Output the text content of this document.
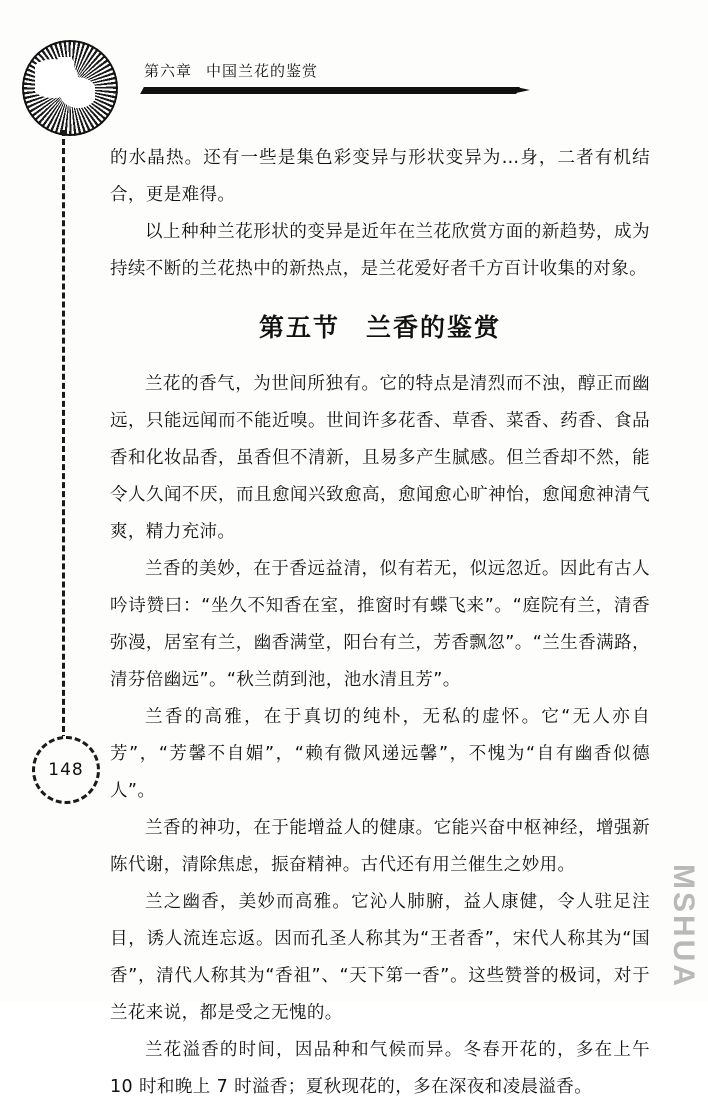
第六章 中国兰花的鉴赏
148

的水晶热。还有一些是集色彩变异与形状变异为…身，二者有机结合，更是难得。

以上种种兰花形状的变异是近年在兰花欣赏方面的新趋势，成为持续不断的兰花热中的新热点，是兰花爱好者千方百计收集的对象。

第五节 兰香的鉴赏

兰花的香气，为世间所独有。它的特点是清烈而不浊，醇正而幽远，只能远闻而不能近嗅。世间许多花香、草香、菜香、药香、食品香和化妆品香，虽香但不清新，且易多产生腻感。但兰香却不然，能令人久闻不厌，而且愈闻兴致愈高，愈闻愈心旷神怡，愈闻愈神清气爽，精力充沛。

兰香的美妙，在于香远益清，似有若无，似远忽近。因此有古人吟诗赞曰：“坐久不知香在室，推窗时有蝶飞来”。“庭院有兰，清香弥漫，居室有兰，幽香满堂，阳台有兰，芳香飘忽”。“兰生香满路，清芬倍幽远”。“秋兰荫到池，池水清且芳”。

兰香的高雅，在于真切的纯朴，无私的虚怀。它“无人亦自芳”，“芳馨不自媚”，“赖有微风递远馨”，不愧为“自有幽香似德人”。

兰香的神功，在于能增益人的健康。它能兴奋中枢神经，增强新陈代谢，清除焦虑，振奋精神。古代还有用兰催生之妙用。

兰之幽香，美妙而高雅。它沁人肺腑，益人康健，令人驻足注目，诱人流连忘返。因而孔圣人称其为“王者香”，宋代人称其为“国香”，清代人称其为“香祖”、“天下第一香”。这些赞誉的极词，对于兰花来说，都是受之无愧的。

兰花溢香的时间，因品种和气候而异。冬春开花的，多在上午 10 时和晚上 7 时溢香；夏秋现花的，多在深夜和凌晨溢香。

MSHUA
